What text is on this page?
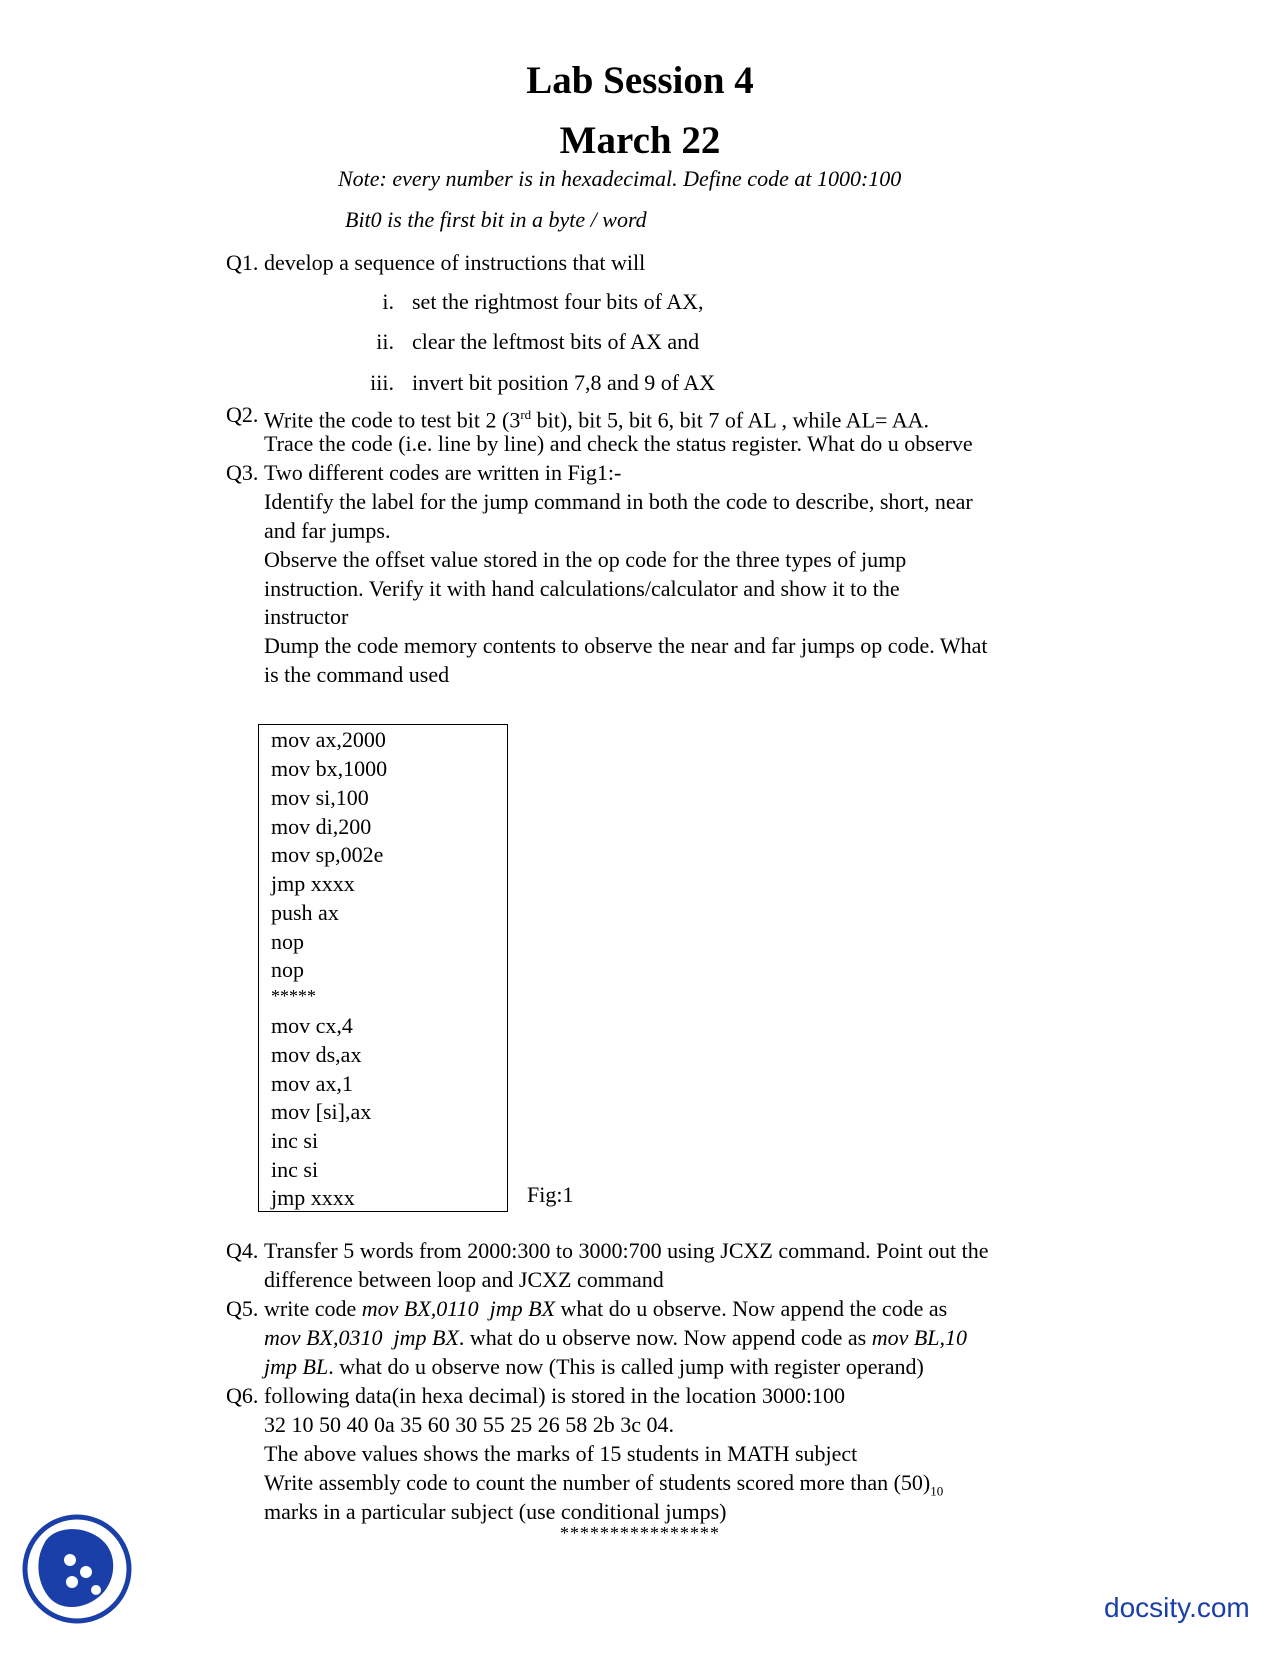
Lab Session 4
March 22
Note: every number is in hexadecimal. Define code at 1000:100
Bit0 is the first bit in a byte / word
Q1. develop a sequence of instructions that will
i. set the rightmost four bits of AX,
ii. clear the leftmost bits of AX and
iii. invert bit position 7,8 and 9 of AX
Q2. Write the code to test bit 2 (3rd bit), bit 5, bit 6, bit 7 of AL , while AL= AA.
Trace the code (i.e. line by line) and check the status register. What do u observe
Q3. Two different codes are written in Fig1:-
Identify the label for the jump command in both the code to describe, short, near
and far jumps.
Observe the offset value stored in the op code for the three types of jump
instruction. Verify it with hand calculations/calculator and show it to the
instructor
Dump the code memory contents to observe the near and far jumps op code. What
is the command used
mov ax,2000
mov bx,1000
mov si,100
mov di,200
mov sp,002e
jmp xxxx
push ax
nop
nop
*****
mov cx,4
mov ds,ax
mov ax,1
mov [si],ax
inc si
inc si
jmp xxxx	Fig:1
Q4. Transfer 5 words from 2000:300 to 3000:700 using JCXZ command. Point out the
difference between loop and JCXZ command
Q5. write code mov BX,0110  jmp BX what do u observe. Now append the code as
mov BX,0310  jmp BX. what do u observe now. Now append code as mov BL,10
jmp BL. what do u observe now (This is called jump with register operand)
Q6. following data(in hexa decimal) is stored in the location 3000:100
32 10 50 40 0a 35 60 30 55 25 26 58 2b 3c 04.
The above values shows the marks of 15 students in MATH subject
Write assembly code to count the number of students scored more than $(50)_{10}$
marks in a particular subject (use conditional jumps)
****************
docsity.com
